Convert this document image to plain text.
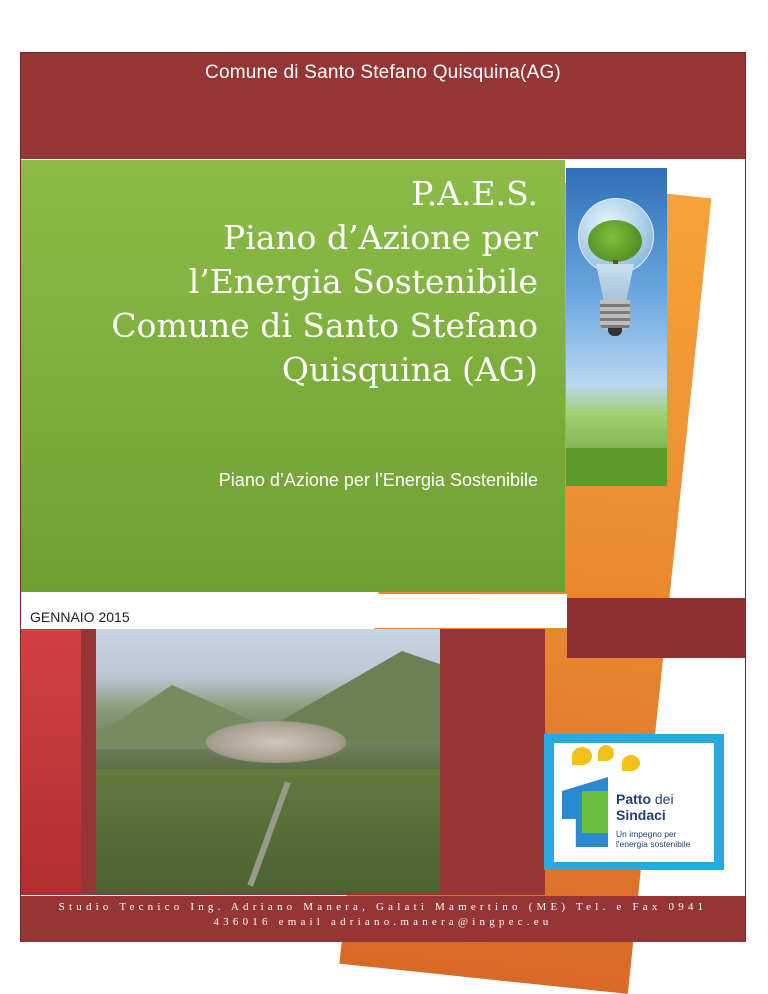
Comune di Santo Stefano Quisquina(AG)
P.A.E.S.
Piano d’Azione per
l’Energia Sostenibile
Comune di Santo Stefano
Quisquina (AG)
Piano d’Azione per l’Energia Sostenibile
GENNAIO 2015
Patto dei
Sindaci
Un impegno per
l'energia sostenibile
Studio Tecnico Ing. Adriano Manera, Galati Mamertino (ME) Tel. e Fax 0941
436016 email adriano.manera@ingpec.eu
